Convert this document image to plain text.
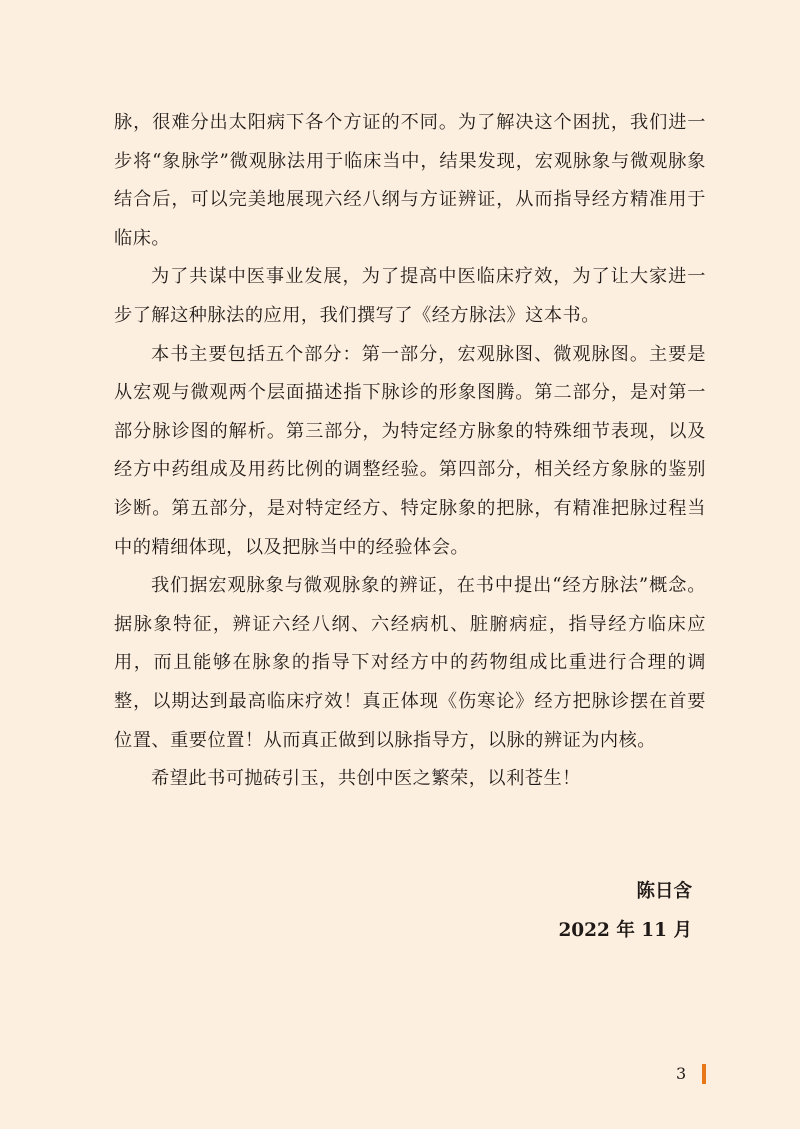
脉，很难分出太阳病下各个方证的不同。为了解决这个困扰，我们进一步将“象脉学”微观脉法用于临床当中，结果发现，宏观脉象与微观脉象结合后，可以完美地展现六经八纲与方证辨证，从而指导经方精准用于临床。

为了共谋中医事业发展，为了提高中医临床疗效，为了让大家进一步了解这种脉法的应用，我们撰写了《经方脉法》这本书。

本书主要包括五个部分：第一部分，宏观脉图、微观脉图。主要是从宏观与微观两个层面描述指下脉诊的形象图腾。第二部分，是对第一部分脉诊图的解析。第三部分，为特定经方脉象的特殊细节表现，以及经方中药组成及用药比例的调整经验。第四部分，相关经方象脉的鉴别诊断。第五部分，是对特定经方、特定脉象的把脉，有精准把脉过程当中的精细体现，以及把脉当中的经验体会。

我们据宏观脉象与微观脉象的辨证，在书中提出“经方脉法”概念。据脉象特征，辨证六经八纲、六经病机、脏腑病症，指导经方临床应用，而且能够在脉象的指导下对经方中的药物组成比重进行合理的调整，以期达到最高临床疗效！真正体现《伤寒论》经方把脉诊摆在首要位置、重要位置！从而真正做到以脉指导方，以脉的辨证为内核。

希望此书可抛砖引玉，共创中医之繁荣，以利苍生！

陈日含
2022 年 11 月
3
